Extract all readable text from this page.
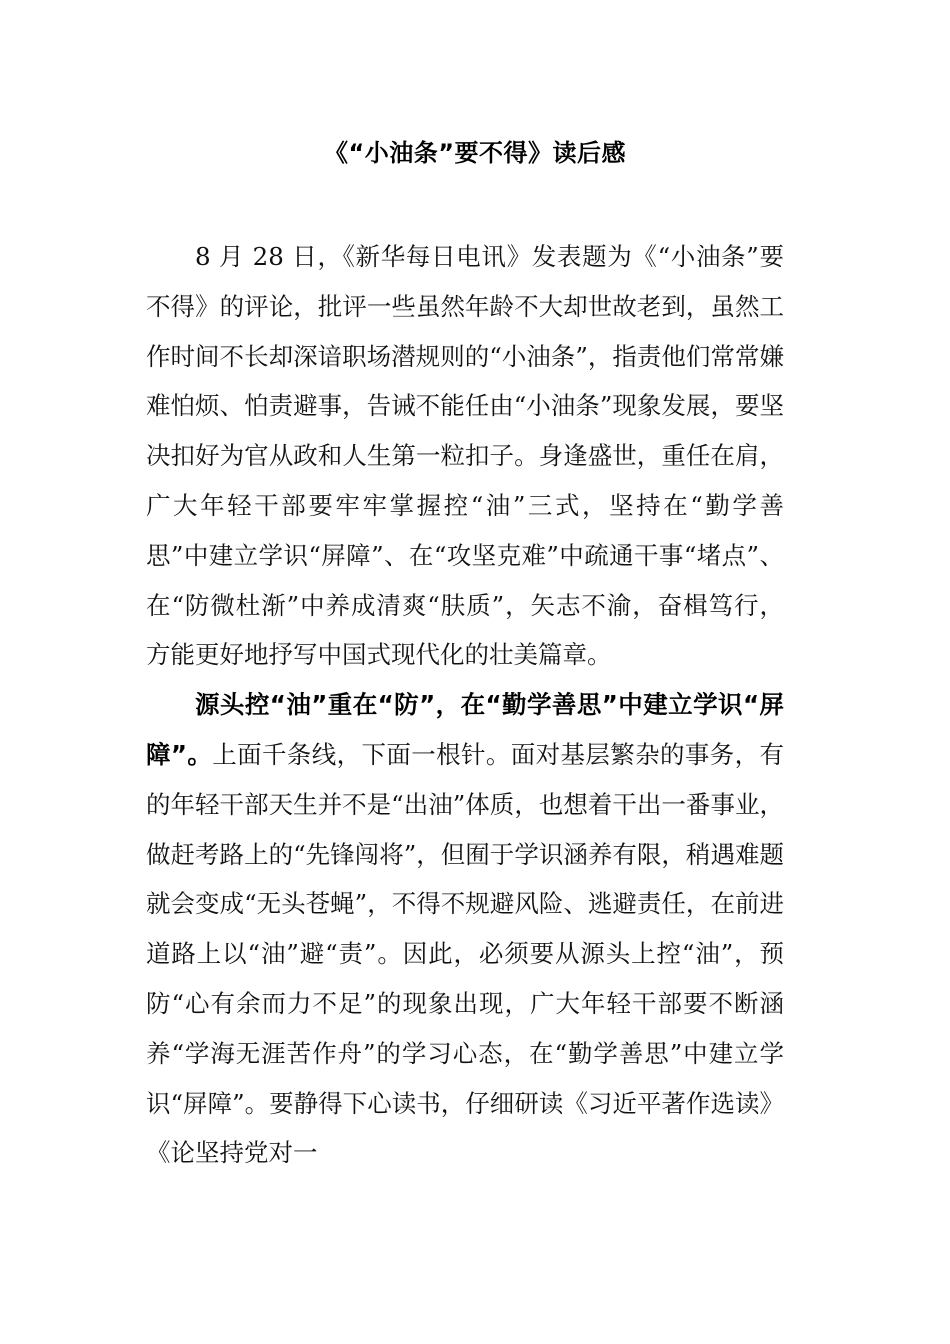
《“小油条”要不得》读后感

8 月 28 日，《新华每日电讯》发表题为《“小油条”要不得》的评论，批评一些虽然年龄不大却世故老到，虽然工作时间不长却深谙职场潜规则的“小油条”，指责他们常常嫌难怕烦、怕责避事，告诫不能任由“小油条”现象发展，要坚决扣好为官从政和人生第一粒扣子。身逢盛世，重任在肩，广大年轻干部要牢牢掌握控“油”三式，坚持在“勤学善思”中建立学识“屏障”、在“攻坚克难”中疏通干事“堵点”、在“防微杜渐”中养成清爽“肤质”，矢志不渝，奋楫笃行，方能更好地抒写中国式现代化的壮美篇章。

源头控“油”重在“防”，在“勤学善思”中建立学识“屏障”。上面千条线，下面一根针。面对基层繁杂的事务，有的年轻干部天生并不是“出油”体质，也想着干出一番事业，做赶考路上的“先锋闯将”，但囿于学识涵养有限，稍遇难题就会变成“无头苍蝇”，不得不规避风险、逃避责任，在前进道路上以“油”避“责”。因此，必须要从源头上控“油”，预防“心有余而力不足”的现象出现，广大年轻干部要不断涵养“学海无涯苦作舟”的学习心态，在“勤学善思”中建立学识“屏障”。要静得下心读书，仔细研读《习近平著作选读》《论坚持党对一
